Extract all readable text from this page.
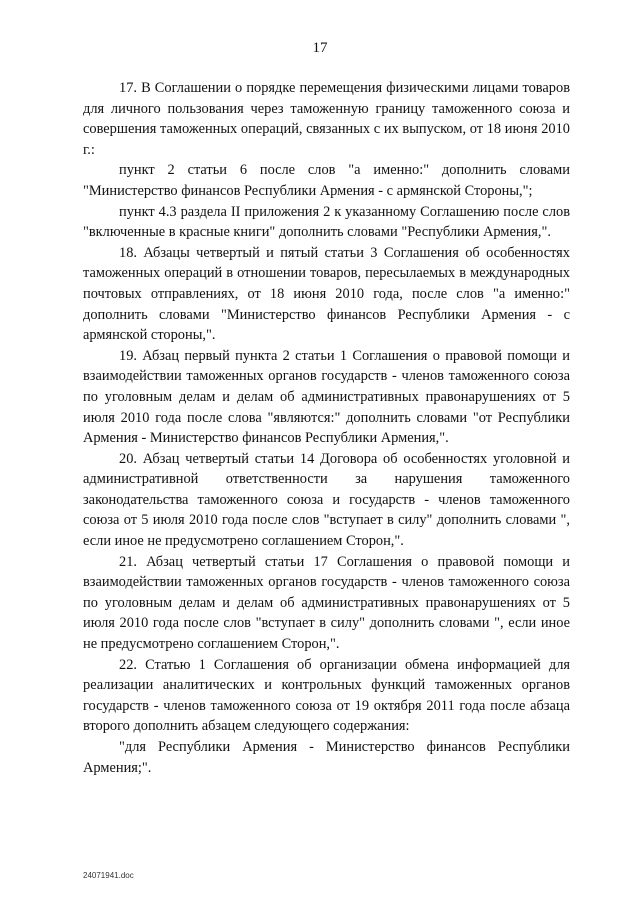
17

17. В Соглашении о порядке перемещения физическими лицами товаров для личного пользования через таможенную границу таможенного союза и совершения таможенных операций, связанных с их выпуском, от 18 июня 2010 г.:

пункт 2 статьи 6 после слов "а именно:" дополнить словами "Министерство финансов Республики Армения - с армянской Стороны,";

пункт 4.3 раздела II приложения 2 к указанному Соглашению после слов "включенные в красные книги" дополнить словами "Республики Армения,".

18. Абзацы четвертый и пятый статьи 3 Соглашения об особенностях таможенных операций в отношении товаров, пересылаемых в международных почтовых отправлениях, от 18 июня 2010 года, после слов "а именно:" дополнить словами "Министерство финансов Республики Армения - с армянской стороны,".

19. Абзац первый пункта 2 статьи 1 Соглашения о правовой помощи и взаимодействии таможенных органов государств - членов таможенного союза по уголовным делам и делам об административных правонарушениях от 5 июля 2010 года после слова "являются:" дополнить словами "от Республики Армения - Министерство финансов Республики Армения,".

20. Абзац четвертый статьи 14 Договора об особенностях уголовной и административной ответственности за нарушения таможенного законодательства таможенного союза и государств - членов таможенного союза от 5 июля 2010 года после слов "вступает в силу" дополнить словами ", если иное не предусмотрено соглашением Сторон,".

21. Абзац четвертый статьи 17 Соглашения о правовой помощи и взаимодействии таможенных органов государств - членов таможенного союза по уголовным делам и делам об административных правонарушениях от 5 июля 2010 года после слов "вступает в силу" дополнить словами ", если иное не предусмотрено соглашением Сторон,".

22. Статью 1 Соглашения об организации обмена информацией для реализации аналитических и контрольных функций таможенных органов государств - членов таможенного союза от 19 октября 2011 года после абзаца второго дополнить абзацем следующего содержания:

"для Республики Армения - Министерство финансов Республики Армения;".

24071941.doc
